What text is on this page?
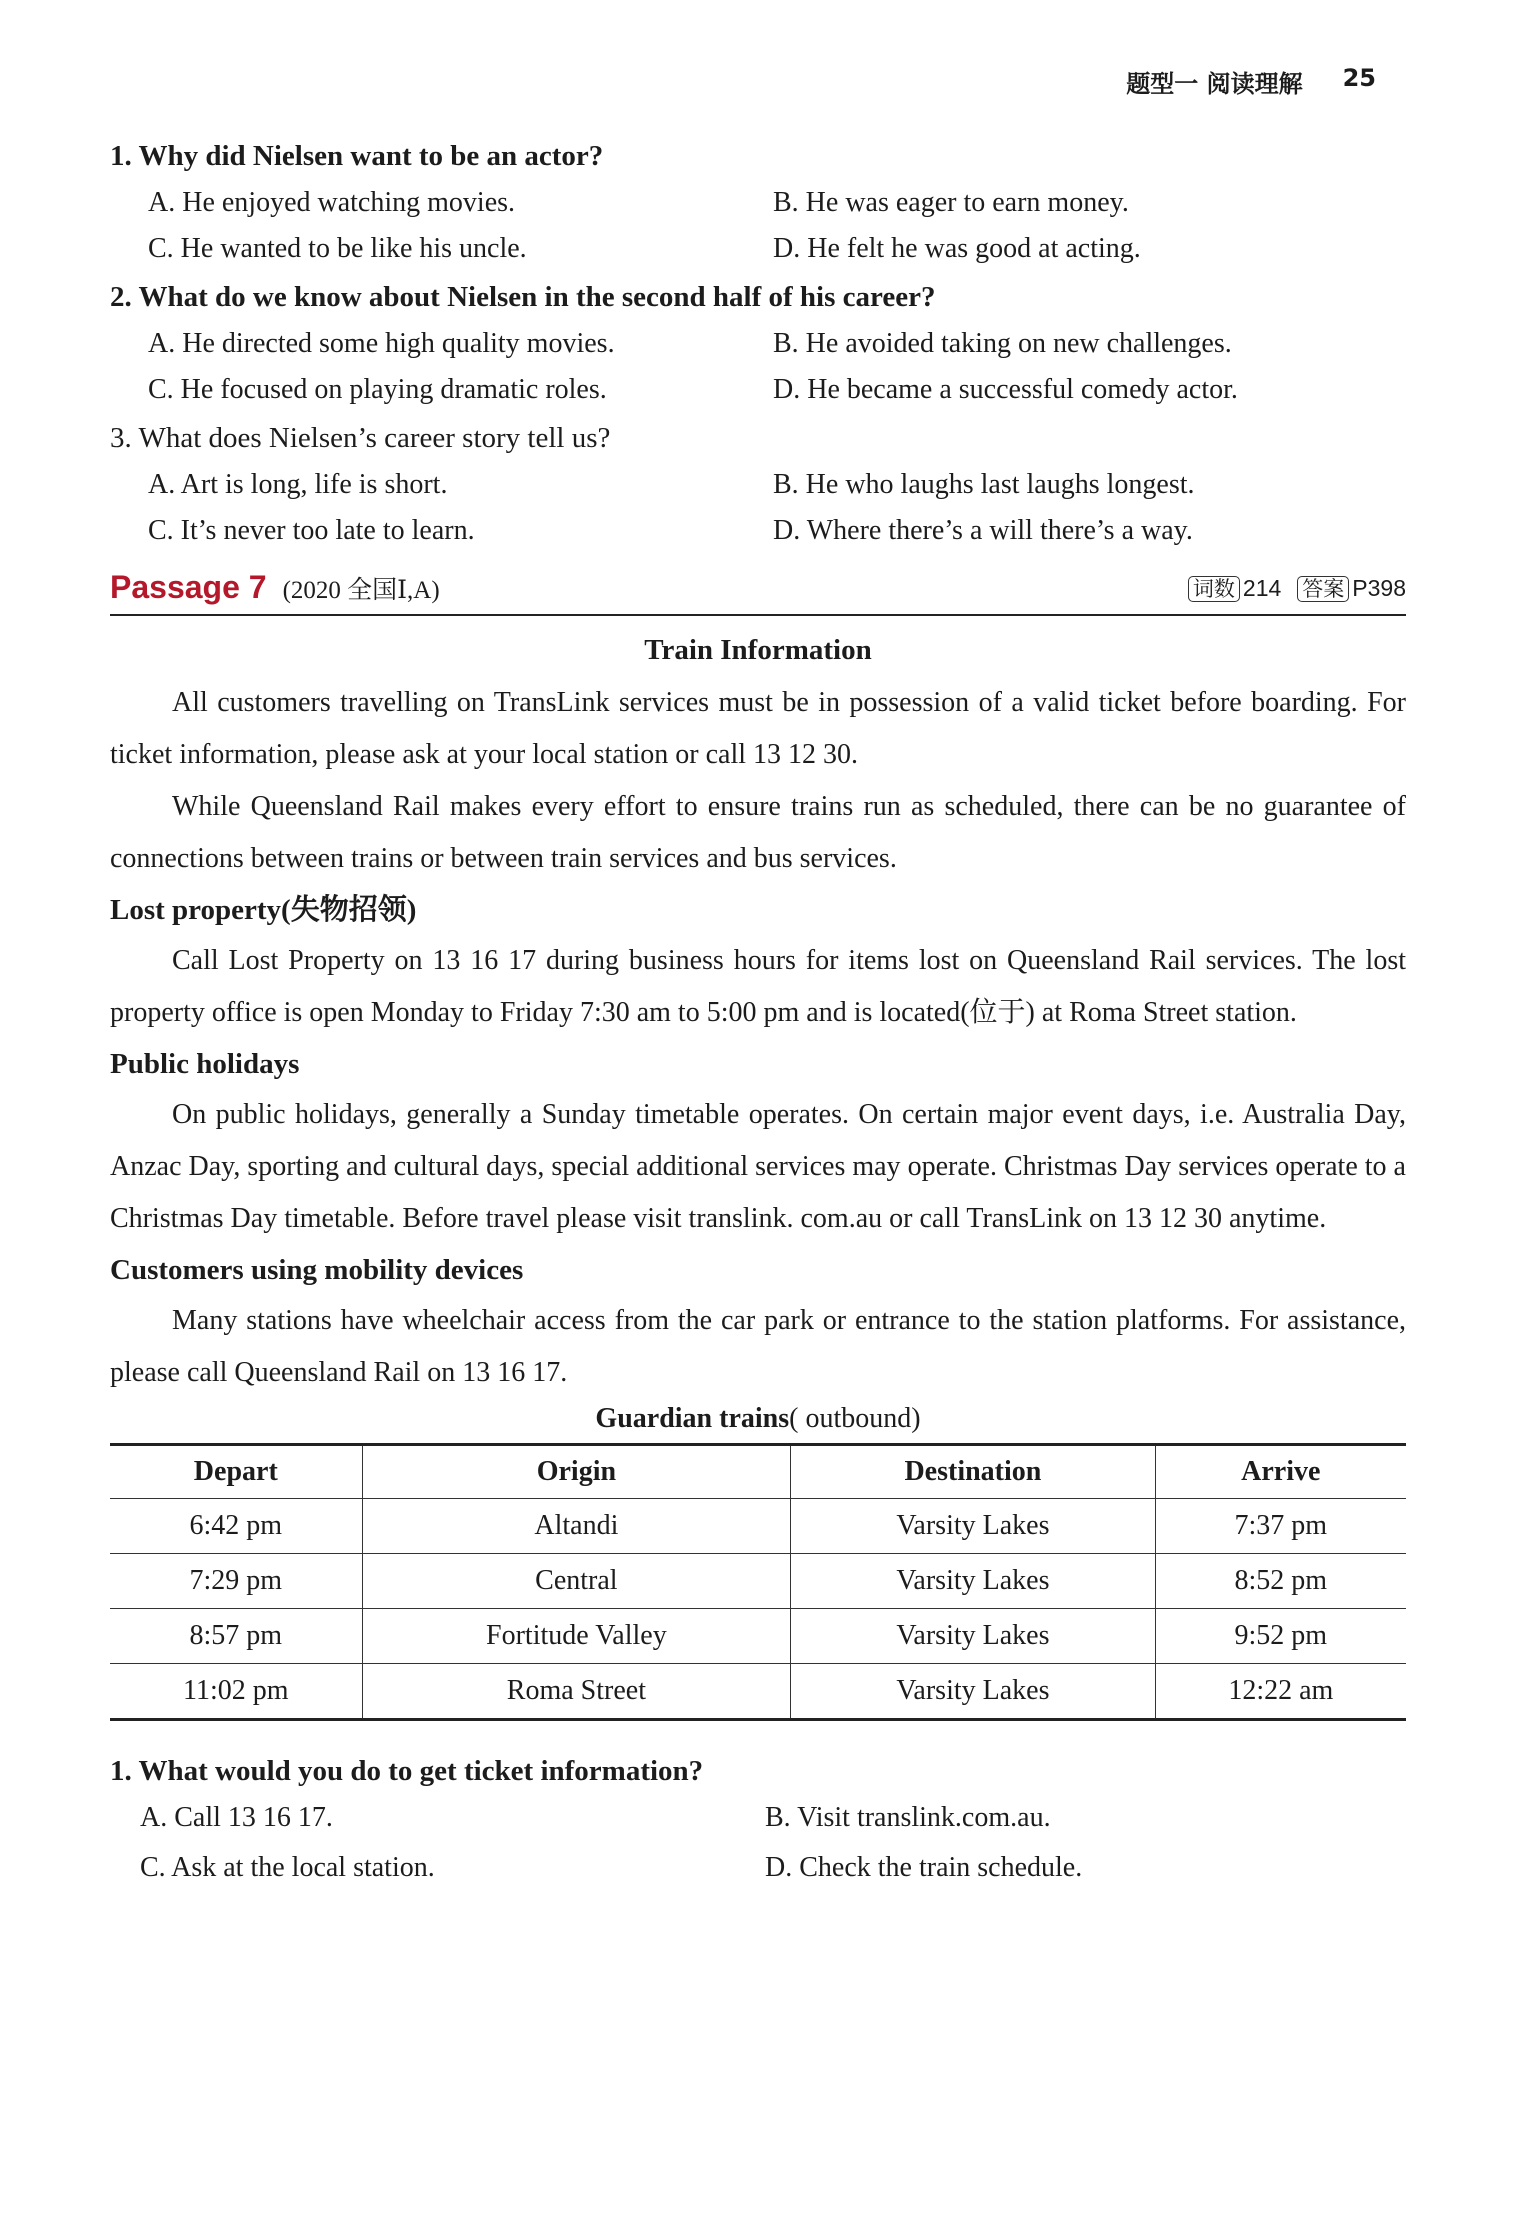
题型一 阅读理解 25
1. Why did Nielsen want to be an actor?
A. He enjoyed watching movies.	B. He was eager to earn money.
C. He wanted to be like his uncle.	D. He felt he was good at acting.
2. What do we know about Nielsen in the second half of his career?
A. He directed some high quality movies.	B. He avoided taking on new challenges.
C. He focused on playing dramatic roles.	D. He became a successful comedy actor.
3. What does Nielsen’s career story tell us?
A. Art is long, life is short.	B. He who laughs last laughs longest.
C. It’s never too late to learn.	D. Where there’s a will there’s a way.
Passage 7 (2020 全国Ⅰ,A)	词数 214 答案 P398
Train Information

All customers travelling on TransLink services must be in possession of a valid ticket before boarding. For ticket information, please ask at your local station or call 13 12 30.

While Queensland Rail makes every effort to ensure trains run as scheduled, there can be no guarantee of connections between trains or between train services and bus services.

Lost property(失物招领)

Call Lost Property on 13 16 17 during business hours for items lost on Queensland Rail services. The lost property office is open Monday to Friday 7:30 am to 5:00 pm and is located(位于) at Roma Street station.

Public holidays

On public holidays, generally a Sunday timetable operates. On certain major event days, i.e. Australia Day, Anzac Day, sporting and cultural days, special additional services may operate. Christmas Day services operate to a Christmas Day timetable. Before travel please visit translink. com.au or call TransLink on 13 12 30 anytime.

Customers using mobility devices

Many stations have wheelchair access from the car park or entrance to the station platforms. For assistance, please call Queensland Rail on 13 16 17.

Guardian trains( outbound)
Depart	Origin	Destination	Arrive
6:42 pm	Altandi	Varsity Lakes	7:37 pm
7:29 pm	Central	Varsity Lakes	8:52 pm
8:57 pm	Fortitude Valley	Varsity Lakes	9:52 pm
11:02 pm	Roma Street	Varsity Lakes	12:22 am
1. What would you do to get ticket information?
A. Call 13 16 17.	B. Visit translink.com.au.
C. Ask at the local station.	D. Check the train schedule.
